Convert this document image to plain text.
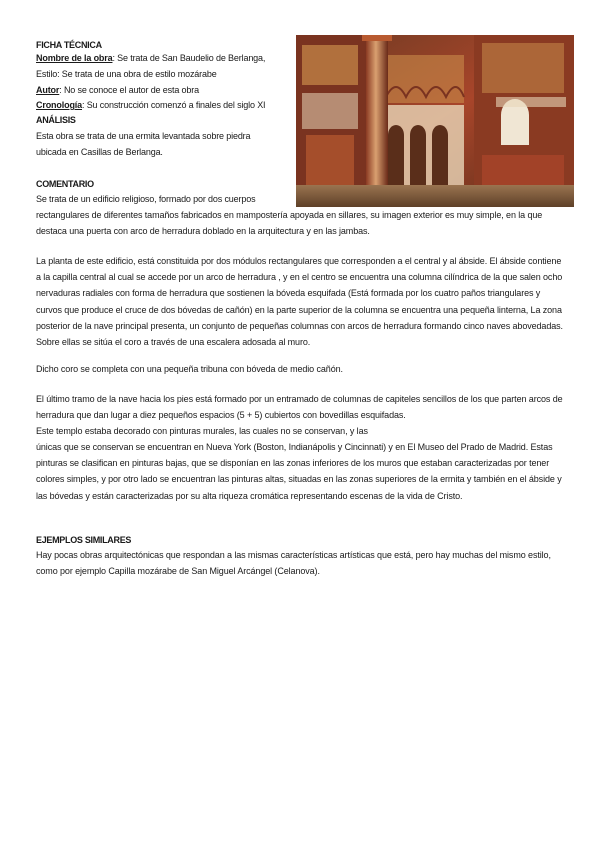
FICHA TÉCNICA
Nombre de la obra: Se trata de San Baudelio de Berlanga,
Estilo: Se trata de una obra de estilo mozárabe
Autor: No se conoce el autor de esta obra
Cronología: Su construcción comenzó a finales del siglo XI
ANÁLISIS
Esta obra se trata de una ermita levantada sobre piedra
ubicada en Casillas de Berlanga.
COMENTARIO
Se trata de un edificio religioso, formado por dos cuerpos
rectangulares de diferentes tamaños fabricados en mampostería apoyada en sillares, su imagen exterior es muy simple, en la que destaca una puerta con arco de herradura doblado en la arquitectura y en las jambas.
La planta de este edificio, está constituida por dos módulos rectangulares que corresponden a el central y al ábside. El ábside contiene a la capilla central al cual se accede por un arco de herradura , y en el centro se encuentra una columna cilíndrica de la que salen ocho nervaduras radiales con forma de herradura que sostienen la bóveda esquifada (Está formada por los cuatro paños triangulares y curvos que produce el cruce de dos bóvedas de cañón) en la parte superior de la columna se encuentra una pequeña linterna, La zona posterior de la nave principal presenta, un conjunto de pequeñas columnas con arcos de herradura formando cinco naves abovedadas. Sobre ellas se sitúa el coro a través de una escalera adosada al muro.
Dicho coro se completa con una pequeña tribuna con bóveda de medio cañón.
El último tramo de la nave hacia los pies está formado por un entramado de columnas de capiteles sencillos de los que parten arcos de herradura que dan lugar a diez pequeños espacios (5 + 5) cubiertos con bovedillas esquifadas.
Este templo estaba decorado con pinturas murales, las cuales no se conservan, y las
únicas que se conservan se encuentran en Nueva York (Boston, Indianápolis y Cincinnati) y en El Museo del Prado de Madrid. Estas pinturas se clasifican en pinturas bajas, que se disponían en las zonas inferiores de los muros que estaban caracterizadas por tener colores simples, y por otro lado se encuentran las pinturas altas, situadas en las zonas superiores de la ermita y también en el ábside y las bóvedas y están caracterizadas por su alta riqueza cromática representando escenas de la vida de Cristo.
EJEMPLOS SIMILARES
Hay pocas obras arquitectónicas que respondan a las mismas características artísticas que está, pero hay muchas del mismo estilo, como por ejemplo Capilla mozárabe de San Miguel Arcángel (Celanova).
